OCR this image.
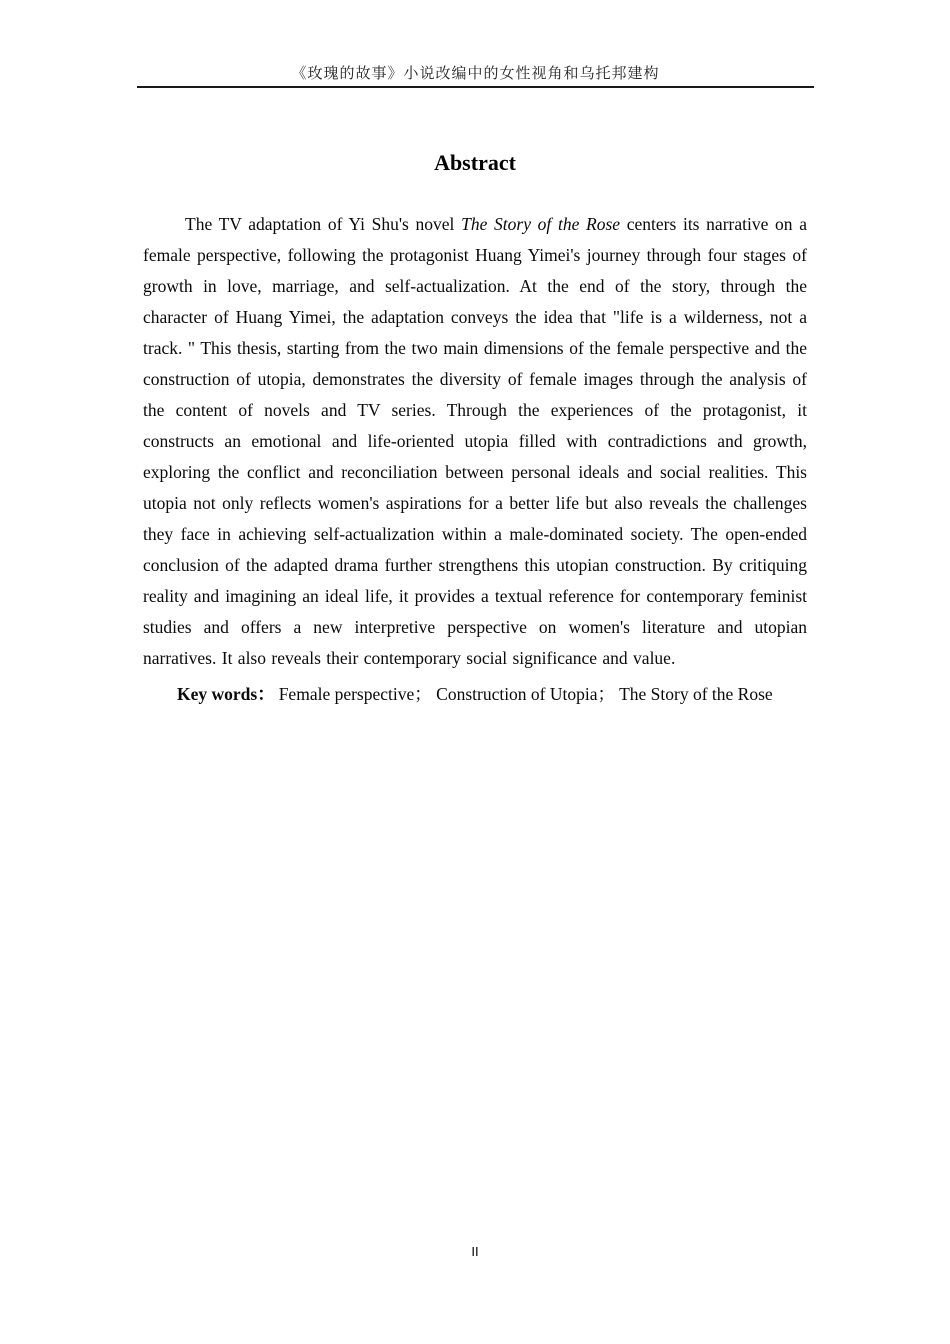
《玫瑰的故事》小说改编中的女性视角和乌托邦建构
Abstract

The TV adaptation of Yi Shu's novel The Story of the Rose centers its narrative on a female perspective, following the protagonist Huang Yimei's journey through four stages of growth in love, marriage, and self-actualization. At the end of the story, through the character of Huang Yimei, the adaptation conveys the idea that "life is a wilderness, not a track. " This thesis, starting from the two main dimensions of the female perspective and the construction of utopia, demonstrates the diversity of female images through the analysis of the content of novels and TV series. Through the experiences of the protagonist, it constructs an emotional and life-oriented utopia filled with contradictions and growth, exploring the conflict and reconciliation between personal ideals and social realities. This utopia not only reflects women's aspirations for a better life but also reveals the challenges they face in achieving self-actualization within a male-dominated society. The open-ended conclusion of the adapted drama further strengthens this utopian construction. By critiquing reality and imagining an ideal life, it provides a textual reference for contemporary feminist studies and offers a new interpretive perspective on women's literature and utopian narratives. It also reveals their contemporary social significance and value.

Key words： Female perspective； Construction of Utopia； The Story of the Rose

II
